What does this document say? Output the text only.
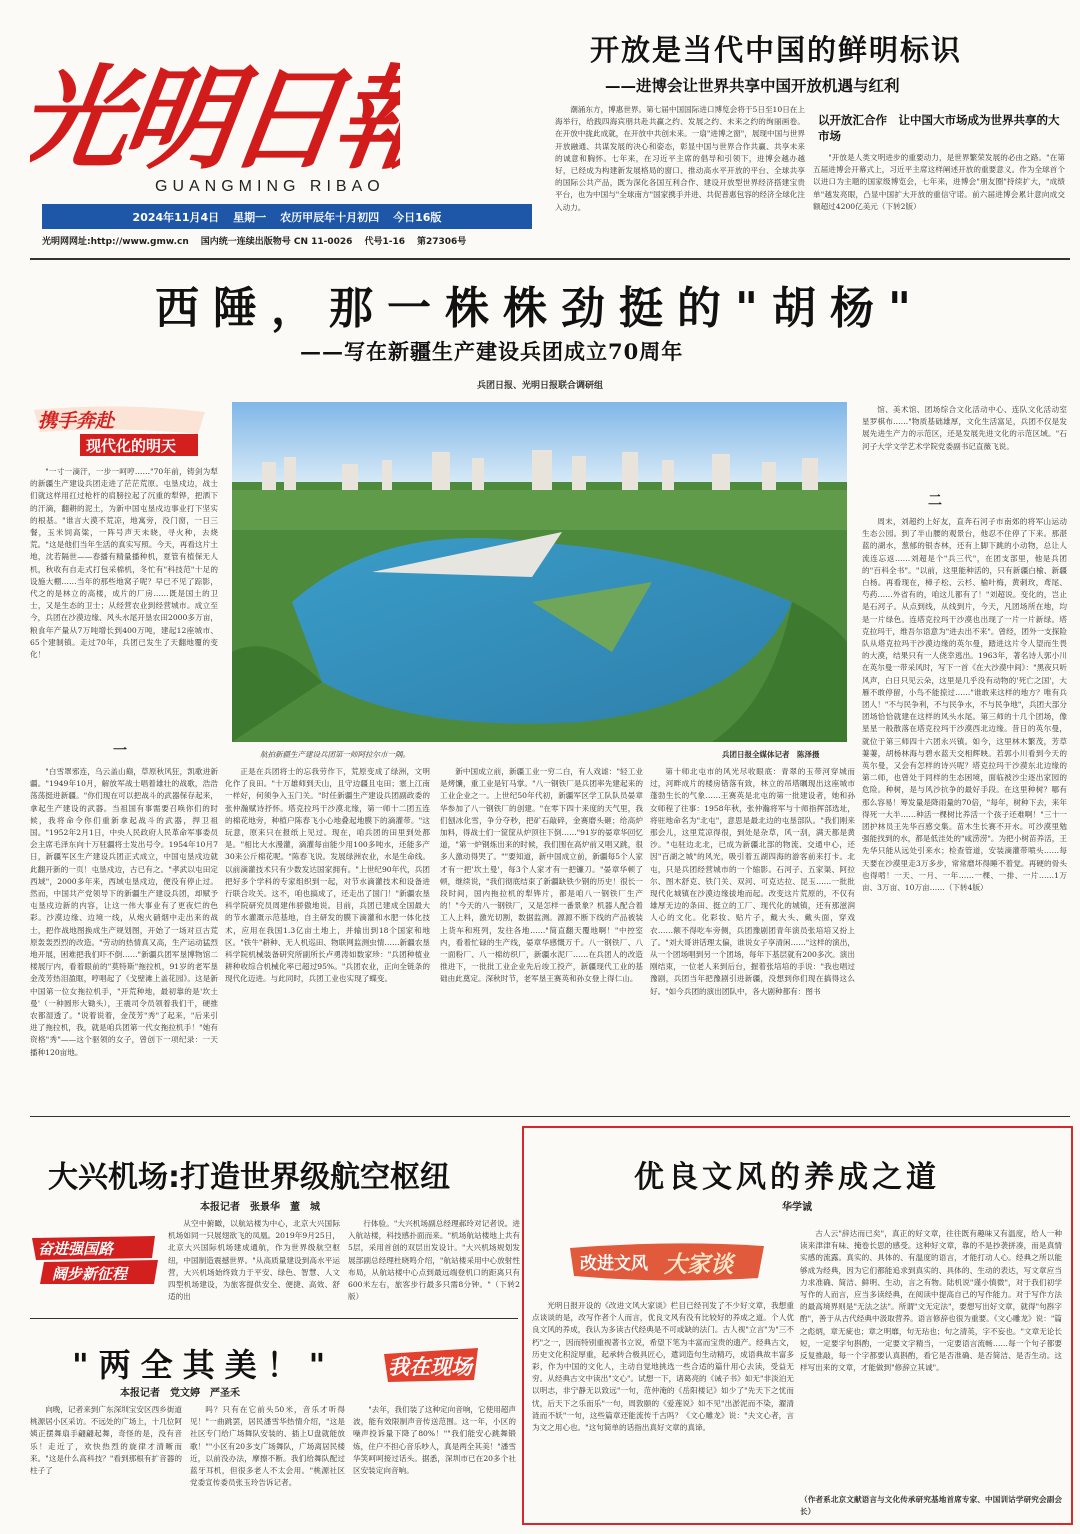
光明日報
GUANGMING RIBAO
2024年11月4日 星期一 农历甲辰年十月初四 今日16版
光明网网址:http://www.gmw.cn 国内统一连续出版物号 CN 11-0026 代号1-16 第27306号
开放是当代中国的鲜明标识
——进博会让世界共享中国开放机遇与红利

潮涌东方，博惠世界。第七届中国国际进口博览会将于5日至10日在上海举行，给践四海宾朋共赴共赢之约、发展之约、未来之约的绚丽画卷。在开放中拢此成就，在开放中共创未来。一扇"进博之窗"，展现中国与世界开放融通、共谋发展的决心和姿态，彰显中国与世界合作共赢、共享未来的诚意和胸怀。七年来，在习近平主席的倡导和引领下，进博会越办越好，已经成为构建新发展格局的窗口、推动高水平开放的平台、全球共享的国际公共产品，既为深化各国互利合作、建设开放型世界经济搭建宝贵平台，也为中国与"全球南方"国家携手并进、共促普惠包容的经济全球化注入动力。

以开放汇合作　让中国大市场成为世界共享的大市场

"开放是人类文明进步的重要动力，是世界繁荣发展的必由之路。"在第五届进博会开幕式上，习近平主席这样阐述开放的重要意义。作为全球首个以进口为主题的国家级博览会，七年来，进博会"朋友圈"持续扩大，"成绩单"越发亮眼，凸显中国扩大开放的重信守诺。前六届进博会累计意向成交额超过4200亿美元（下转2版）

西陲，那一株株劲挺的"胡杨"
——写在新疆生产建设兵团成立70周年
兵团日报、光明日报联合调研组
携手奔赴
现代化的明天

"一寸一滴汗，一步一呵哼……"70年前，铸剑为犁的新疆生产建设兵团走进了茫茫荒原。屯垦戍边，战士们就这样用扛过枪杆的肩膀拉起了沉重的犁铧，把洒下的汗滴，翻耕的泥土，为新中国屯垦戍边事业打下坚实的根基。"谁言大漠不荒凉，地寓旁，没门窗，一日三餐，玉米饲高粱，一阵号声天未晓，寻火种，去烧荒。"这是他们当年生活的真实写照。今天，再看这片土地，沈若隔世——春播有精量播种机，夏管有植保无人机，秋收有自走式打包采棉机，冬忙有"科技范"十足的设施大棚……当年的那些地窝子呢？早已不见了踪影，代之的是林立的高楼，成片的厂房……既是国土的卫士，又是生态的卫士；从经营农业到经营城市。成立至今，兵团在沙漠边缘、风头水尾开垦农田2000多万亩，粮食年产量从7万吨增长到400万吨，建起12座城市、65个建制镇。走过70年，兵团已发生了天翻地覆的变化！

一

"白雪罩邪连，乌云盖山巅，草原秋风狂，凯歌进新疆。"1949年10月，解放军战士唱着雄壮的战歌，浩浩荡荡挺进新疆。"你们现在可以把战斗的武器保存起来，拿起生产建设的武器。当祖国有事需要召唤你们的时候，我将命令你们重新拿起战斗的武器，捍卫祖国。"1952年2月1日，中央人民政府人民革命军事委员会主席毛泽东向十万驻疆将士发出号令。1954年10月7日，新疆军区生产建设兵团正式成立，中国屯垦戍边就此翻开新的一页！屯垦戍边，古已有之。"孝武以屯田定西域"，2000多年来，西域屯垦戍边，便没有停止过。然而，中国共产党领导下的新疆生产建设兵团，却赋予屯垦戍边新的内容，让这一伟大事业有了更夜烂的色彩。沙漠边缘、边境一线，从炮火硝烟中走出来的战士，把作战地图换成生产规划图，开始了一场对亘古荒原轰轰烈烈的改造。"劳动的热情真又高，生产运动猛烈地开展，困难把我们吓不倒……"新疆兵团军垦博物馆二楼展厅内，看着眼前的"莫特斯"拖拉机，91岁的老军垦金茂芳热泪盈眶，哼唱起了《戈壁滩上盖花园》。这是新中国第一位女拖拉机手，"开荒种地，最初靠的是'坎土曼'（一种圆形大锄头），王震司令员领着我们干，硬推农都湿透了。"说着说着，金茂芳"秀"了起来，"后来引进了拖拉机，我，就是咱兵团第一代女拖拉机手！"她有资格"秀"——这个驱领的女子，曾创下一项纪录：一天播种120亩地。

航拍新疆生产建设兵团第一师阿拉尔市一隅。	兵团日报全媒体记者　陈泽摄

正是在兵团将士的忘我劳作下，荒原变成了绿洲，文明化作了良田。"十万雄师到天山，且守边疆且屯田；塞上江南一样好，何须争入玉门关。"时任新疆生产建设兵团副政委的张仲瀚赋诗抒怀。塔克拉玛干沙漠北缘，第一师十二团五连的棉花地旁，种植户陈春飞小心地叠起地膜下的滴灌带。"这玩意，原来只在报纸上见过。现在，咱兵团的田里到处都是。"相比大水漫灌，滴灌每亩能少用100多吨水，还能多产30来公斤棉花呢。"陈春飞说。发展绿洲农业，水是生命线。以前滴灌技术只有少数发达国家拥有。"上世纪90年代，兵团把好多个学科的专家组织到一起，对节水滴灌技术和设备进行联合攻关。这不，咱也搞成了，还走出了国门！"新疆农垦科学院研究员周建伟骄傲地说。目前，兵团已建成全国最大的节水灌溉示范基地，自主研发的膜下滴灌和水肥一体化技术，应用在我国1.3亿亩土地上，并输出到18个国家和地区。"铁牛"耕种、无人机巡田、物联网监测虫情……新疆农垦科学院机械装备研究所副所长卢勇涛如数家珍："兵团种植业耕种收综合机械化率已超过95%。"兵团农业，正向全链条的现代化迈进。与此同时，兵团工业也实现了蝶变。

新中国成立前，新疆工业一穷二白，有人戏谑："轻工业是烤馕，重工业是钉马掌。"八一钢铁厂是兵团率先建起来的工业企业之一。上世纪50年代初，新疆军区学工队队员晏章华参加了八一钢铁厂的创建。"在零下四十来度的天气里，我们刨冰化雪，争分夺秒，把矿石敲碎，金赛磨头砸；给高炉加料，得战士们一筐筐从炉顶往下倒……"91岁的晏章华回忆道，"第一炉钢炼出来的时候，我们围在高炉前又唱又跳，很多人激动得哭了。""要知道，新中国成立前，新疆每5个人家才有一把'坎土曼'，每3个人家才有一把镰刀。"晏章华顿了顿，继续说，"我们彻底结束了新疆缺铁少钢的历史！很长一段时间，国内拖拉机的犁铧片，都是咱八一钢铁厂生产的！"今天的八一钢铁厂，又是怎样一番景象？机器人配合着工人上料，激光切割，数据监测。源源不断下线的产品被装上货车和班列，发往各地……"简直翻天覆地啊！"中控室内，看着忙碌的生产线，晏章华感慨万千。八一钢铁厂、八一面粉厂、八一棉纺织厂，新疆水泥厂……在兵团人的改造推进下，一批批工业企业先后竣工投产，新疆现代工业的基础由此奠定。深秋时节，老军垦王赛英和孙女登上得仁山。

第十师北屯市的风光尽收眼底：青翠的玉带河穿城而过，河畔成片的楼房错落有致，林立的吊塔瞩现出这座城市蓬勃生长的气象……王赛英是北屯的第一批建设者，她和孙女师程了往事：1958年秋，张仲瀚将军与十师指挥部选址，将驻地命名为"北屯"，意思是最北边的屯垦部队。"我们刚来那会儿，这里荒凉得很，到处是杂草，风一刮，满天都是黄沙。"屯驻边北北，已成为新疆北部的物流、交通中心，还因"百湖之城"的风光，吸引着五湖四海的游客前来打卡。北屯，只是兵团经营城市的一个缩影。石河子、五家渠、阿拉尔、图木舒克、铁门关、双河、可克达拉、昆玉……一批批现代化城镇在沙漠边缘拔地而起。改变这片荒原的，不仅有雄厚无边的条田、挺立的工厂、现代化的城镇，还有那滋润人心的文化。化彩妆、贴片子，戴大头、戴头面，穿戏衣……额不得吃车旁侧，兵团豫剧团青年演员张培培又扮上了。"刘大哥讲话理太偏，谁说女子享清闲……"这样的演出，从一个团场唱到另一个团场，每年下基层就有200多次。演出刚结束，一位老人来到后台，握着张培培的手说："我也唱过豫剧，兵团当年把豫剧引进新疆，没想到你们现在搞得这么好。"如今兵团的演出团队中，各大剧种都有：图书

馆、美术馆、团场综合文化活动中心、连队文化活动室星罗棋布……"物质基础雄厚，文化生活富足，兵团不仅是发展先进生产力的示范区，还是发展先进文化的示范区域。"石河子大学文学艺术学院党委副书记直薇飞说。

二

周末，刘超约上好友，直奔石河子市南郊的将军山运动生态公园。到了半山腰的观景台，他忍不住停了下来。那湛蓝的湖水，葱郁的银杏林，还有上脚下跳的小动物，总让人流连忘返……刘超是个"兵三代"，在团支部里，他是兵团的"百科全书"。"以前，这里能种活的，只有新疆白榆、新疆白杨。再看现在，樟子松、云杉、榆叶梅，黄刺玫，鸢尾、芍药……外省有的，咱这儿都有了！"刘超说。变化的，岂止是石河子。从点到线，从线到片，今天，凡团场所在地，均是一片绿色。连塔克拉玛干沙漠也出现了一片一片新绿。塔克拉玛干，维吾尔语意为"进去出不来"。曾经，团外一支探险队从塔克拉玛干沙漠边缘的英尔曼，踏进这片令人望而生畏的大漠，结果只有一人侥幸逃出。1963年，著名诗人郭小川在英尔曼一带采风时，写下一首《在大沙漠中间》："黑夜只听风声，白日只见云朵，这里是几乎没有动物的'死亡之国'，大雁不敢停留，小鸟不能掠过……"谁敢来这样的地方？唯有兵团人！"不与民争利，不与民争水，不与民争地"，兵团大部分团场恰恰就建在这样的风头水尾。第三师的十几个团场，像星星一般散落在塔克拉玛干沙漠西北边缘。昔日的英尔曼，就位于第三师四十六团永兴镇。如今，这里林木繁茂，芳草萋萋，胡杨林海与碧水蓝天交相辉映。若郭小川看到今天的英尔曼，又会有怎样的诗兴呢？塔克拉玛干沙漠东北边缘的第二师，也曾处于同样的生态困境，面临被沙尘逐出家园的危险。种树，是与风沙抗争的最好手段。在这里种树？哪有那么容易！筹发量是降雨量的70倍，"每年，树种下去，来年得死一大半……种活一棵树比养活一个孩子还难啊！"三十一团护林员王先华百感交集。苗木生长赛不开水。可沙漠里勉强能找到的水，都是低洼处的"咸涝涝"。为把小树苗养活，王先华只能从远处引来水；检查管道，安装滴灌带喷头……每天要在沙漠里走3万多步，常常磨坏得睡不着觉。再硬的骨头也得啃！一天、一月、一年……一棵、一排、一片……1万亩、3万亩、10万亩……（下转4版）

大兴机场:打造世界级航空枢纽
本报记者　张景华　董　城
奋进强国路
阔步新征程

从空中俯瞰，以航站楼为中心，北京大兴国际机场如同一只展翅欲飞的凤凰。2019年9月25日，北京大兴国际机场建成通航，作为世界级航空枢纽，中国制造震撼世界。"从高质量建设到高水平运营，大兴机场始终致力于平安、绿色、智慧、人文四型机场建设，为旅客提供安全、便捷、高效、舒适的出

行体验。"大兴机场副总经理郝玲对记者说。进入航站楼，科技感扑面而来。"机场航站楼地上共有5层，采用首创的双层出发设计。"大兴机场规划发展部副总经理杜晓鸣介绍，"航站楼采用中心放射性布局，从航站楼中心点到最远端登机口的距离只有600米左右，旅客步行最多只需8分钟。"（下转2版）

"两全其美！"
本报记者　党文婷　严圣禾
我在现场

向晚，记者来到广东深圳宝安区西乡街道桃源居小区采访。不远处的广场上，十几位阿姨正摆舞扇手翩翩起舞，奇怪的是，没有音乐！走近了，欢快热烈的旋律才清晰而来。"这是什么高科技？"看到那根有扩音器的柱子了

吗？只有在它前头50米，音乐才听得见！"一曲跳罢，居民潘雪华热情介绍，"这是社区专门给广场舞队安装的、插上U盘就能放歌！""小区有20多支广场舞队，广场离居民楼近，以前没办法，摩擦不断。我们给舞队配过蓝牙耳机，但很多老人不太会用。"桃源社区党委宣传委员张玉玲告诉记者。

"去年，我们装了这种定向音响，它使用超声波，能有效限制声音传送范围。这一年，小区的噪声投诉量下降了80%！""我们能安心跳舞锻炼，住户不担心音乐吵人，真是两全其美！"潘雪华笑呵呵接过话头。据悉，深圳市已在20多个社区安装定向音响。

优良文风的养成之道
华学诚
改进文风 大家谈

光明日报开设的《改进文风大家谈》栏目已经刊发了不少好文章，我想重点谈谈的是，改写作者个人而言，优良文风有没有比较好的养成之道。个人优良文风的养成，我认为多读古代经典是不可或缺的法门。古人视"立言"为"三不朽"之一，因而特别重视著书立说，希望下笔为丰富而宝贵的遗产。经典古文，历史文化积淀厚重，起承转合极具匠心，遣词造句生动精巧，成语典故丰富多彩，作为中国的文化人，主动自觉地挑选一些合适的篇什用心去读，受益无穷。从经典古文中读出"文心"。试想一下，诸葛亮的《诫子书》如无"非淡泊无以明志，非宁静无以致远"一句，范仲淹的《岳阳楼记》如少了"先天下之忧而忧，后天下之乐而乐"一句，周敦颐的《爱莲说》如不见"出淤泥而不染，濯清涟而不妖"一句，这些篇章还能流传千古吗？《文心雕龙》说："夫文心者，言为文之用心也。"这句简单的话指出真好文章的真谛。

古人云"辞达而已矣"，真正的好文章，往往既有趣味又有温度，给人一种读来津津有味、掩卷长思的感受。这种好文章，靠的不是抄袭拼凑，而是真情实感的流露。真实的、具体的、有温度的语言，才能打动人心。经典之所以能够成为经典，因为它们都能追求到真实的、具体的、生动的表达，写文章应当力求准确、简洁、鲜明、生动，言之有物。陆机说"谨小慎微"，对于我们初学写作的人而言，应当多读经典，在阅读中提高自己的写作能力。对于写作方法的最高境界则是"无法之法"。所谓"文无定法"，要想写出好文章，就得"句斟字酌"，善于从古代经典中汲取营养。语言修辞也很为重要。《文心雕龙》说："篇之彪炳，章无疵也；章之明靡，句无玷也；句之清英，字不妄也。"文章无论长短，一定要字句斟酌，一定要文字精当，一定要语言流畅……每一个句子都要反复推敲，每一个字都要认真斟酌，看它是否准确、是否简洁、是否生动。这样写出来的文章，才能做到"修辞立其诚"。

（作者系北京文献语言与文化传承研究基地首席专家、中国训诂学研究会副会长）
